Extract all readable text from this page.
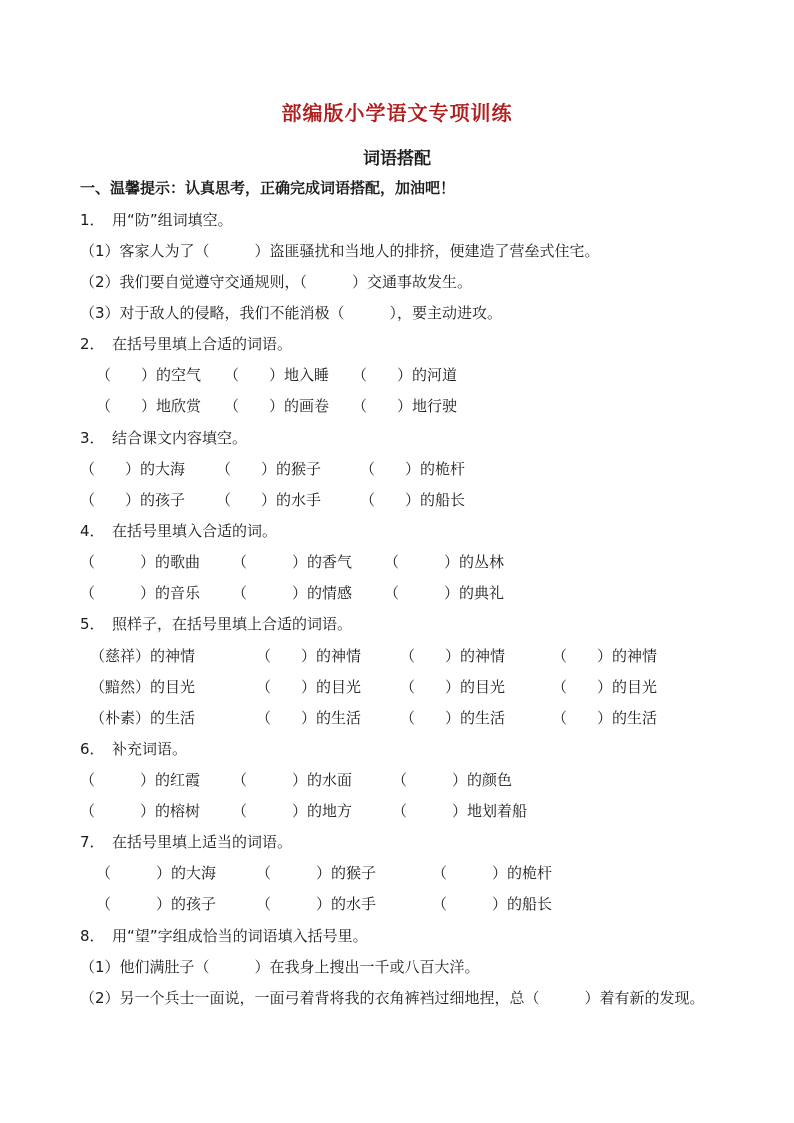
部编版小学语文专项训练
词语搭配
一、温馨提示：认真思考，正确完成词语搭配，加油吧！
1．　用“防”组词填空。
（1）客家人为了（　　　）盗匪骚扰和当地人的排挤，便建造了营垒式住宅。
（2）我们要自觉遵守交通规则，（　　　）交通事故发生。
（3）对于敌人的侵略，我们不能消极（　　　），要主动进攻。
2．　在括号里填上合适的词语。
（　　）的空气 （　　）地入睡 （　　）的河道
（　　）地欣赏 （　　）的画卷 （　　）地行驶
3．　结合课文内容填空。
（　　）的大海 （　　）的猴子	（　　）的桅杆
（　　）的孩子 （　　）的水手	（　　）的船长
4．　在括号里填入合适的词。
（　　　）的歌曲 （　　　）的香气 （　　　）的丛林
（　　　）的音乐 （　　　）的情感 （　　　）的典礼
5．　照样子，在括号里填上合适的词语。
（慈祥）的神情	（　　）的神情	（　　）的神情	（　　）的神情
（黯然）的目光	（　　）的目光	（　　）的目光	（　　）的目光
（朴素）的生活	（　　）的生活	（　　）的生活	（　　）的生活
6．　补充词语。
（　　　）的红霞 （　　　）的水面	（　　　）的颜色
（　　　）的榕树 （　　　）的地方	（　　　）地划着船
7．　在括号里填上适当的词语。
（　　　）的大海	（　　　）的猴子	（　　　）的桅杆
（　　　）的孩子	（　　　）的水手	（　　　）的船长
8．　用“望”字组成恰当的词语填入括号里。
（1）他们满肚子（　　　）在我身上搜出一千或八百大洋。
（2）另一个兵士一面说，一面弓着背将我的衣角裤裆过细地捏，总（　　　）着有新的发现。
